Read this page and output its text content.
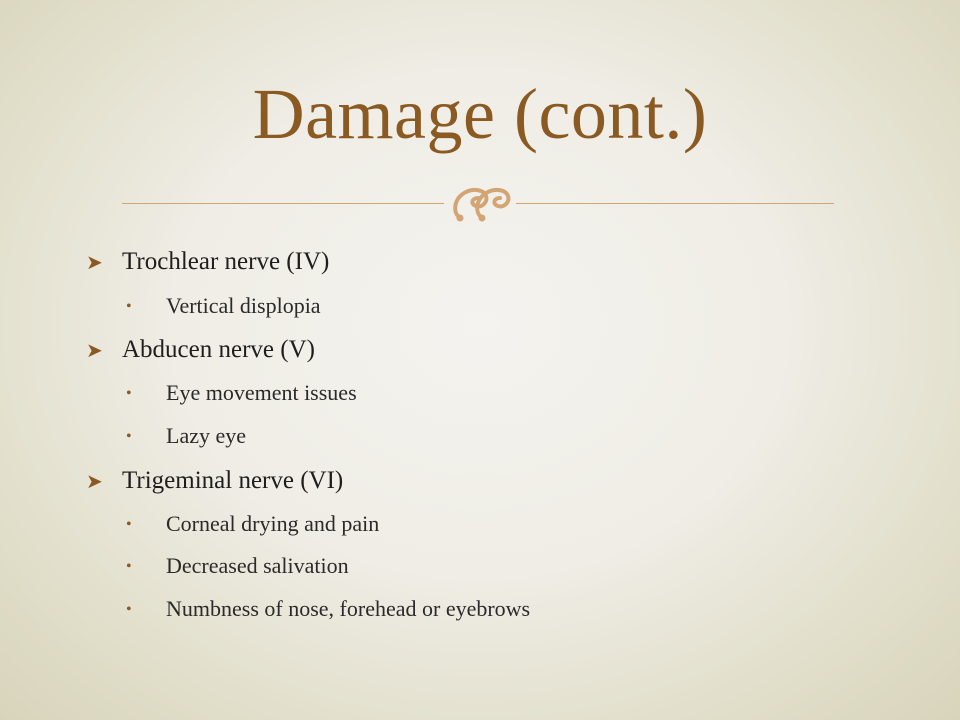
Damage (cont.)
➤ Trochlear nerve (IV)
• Vertical displopia
➤ Abducen nerve (V)
• Eye movement issues
• Lazy eye
➤ Trigeminal nerve (VI)
• Corneal drying and pain
• Decreased salivation
• Numbness of nose, forehead or eyebrows
